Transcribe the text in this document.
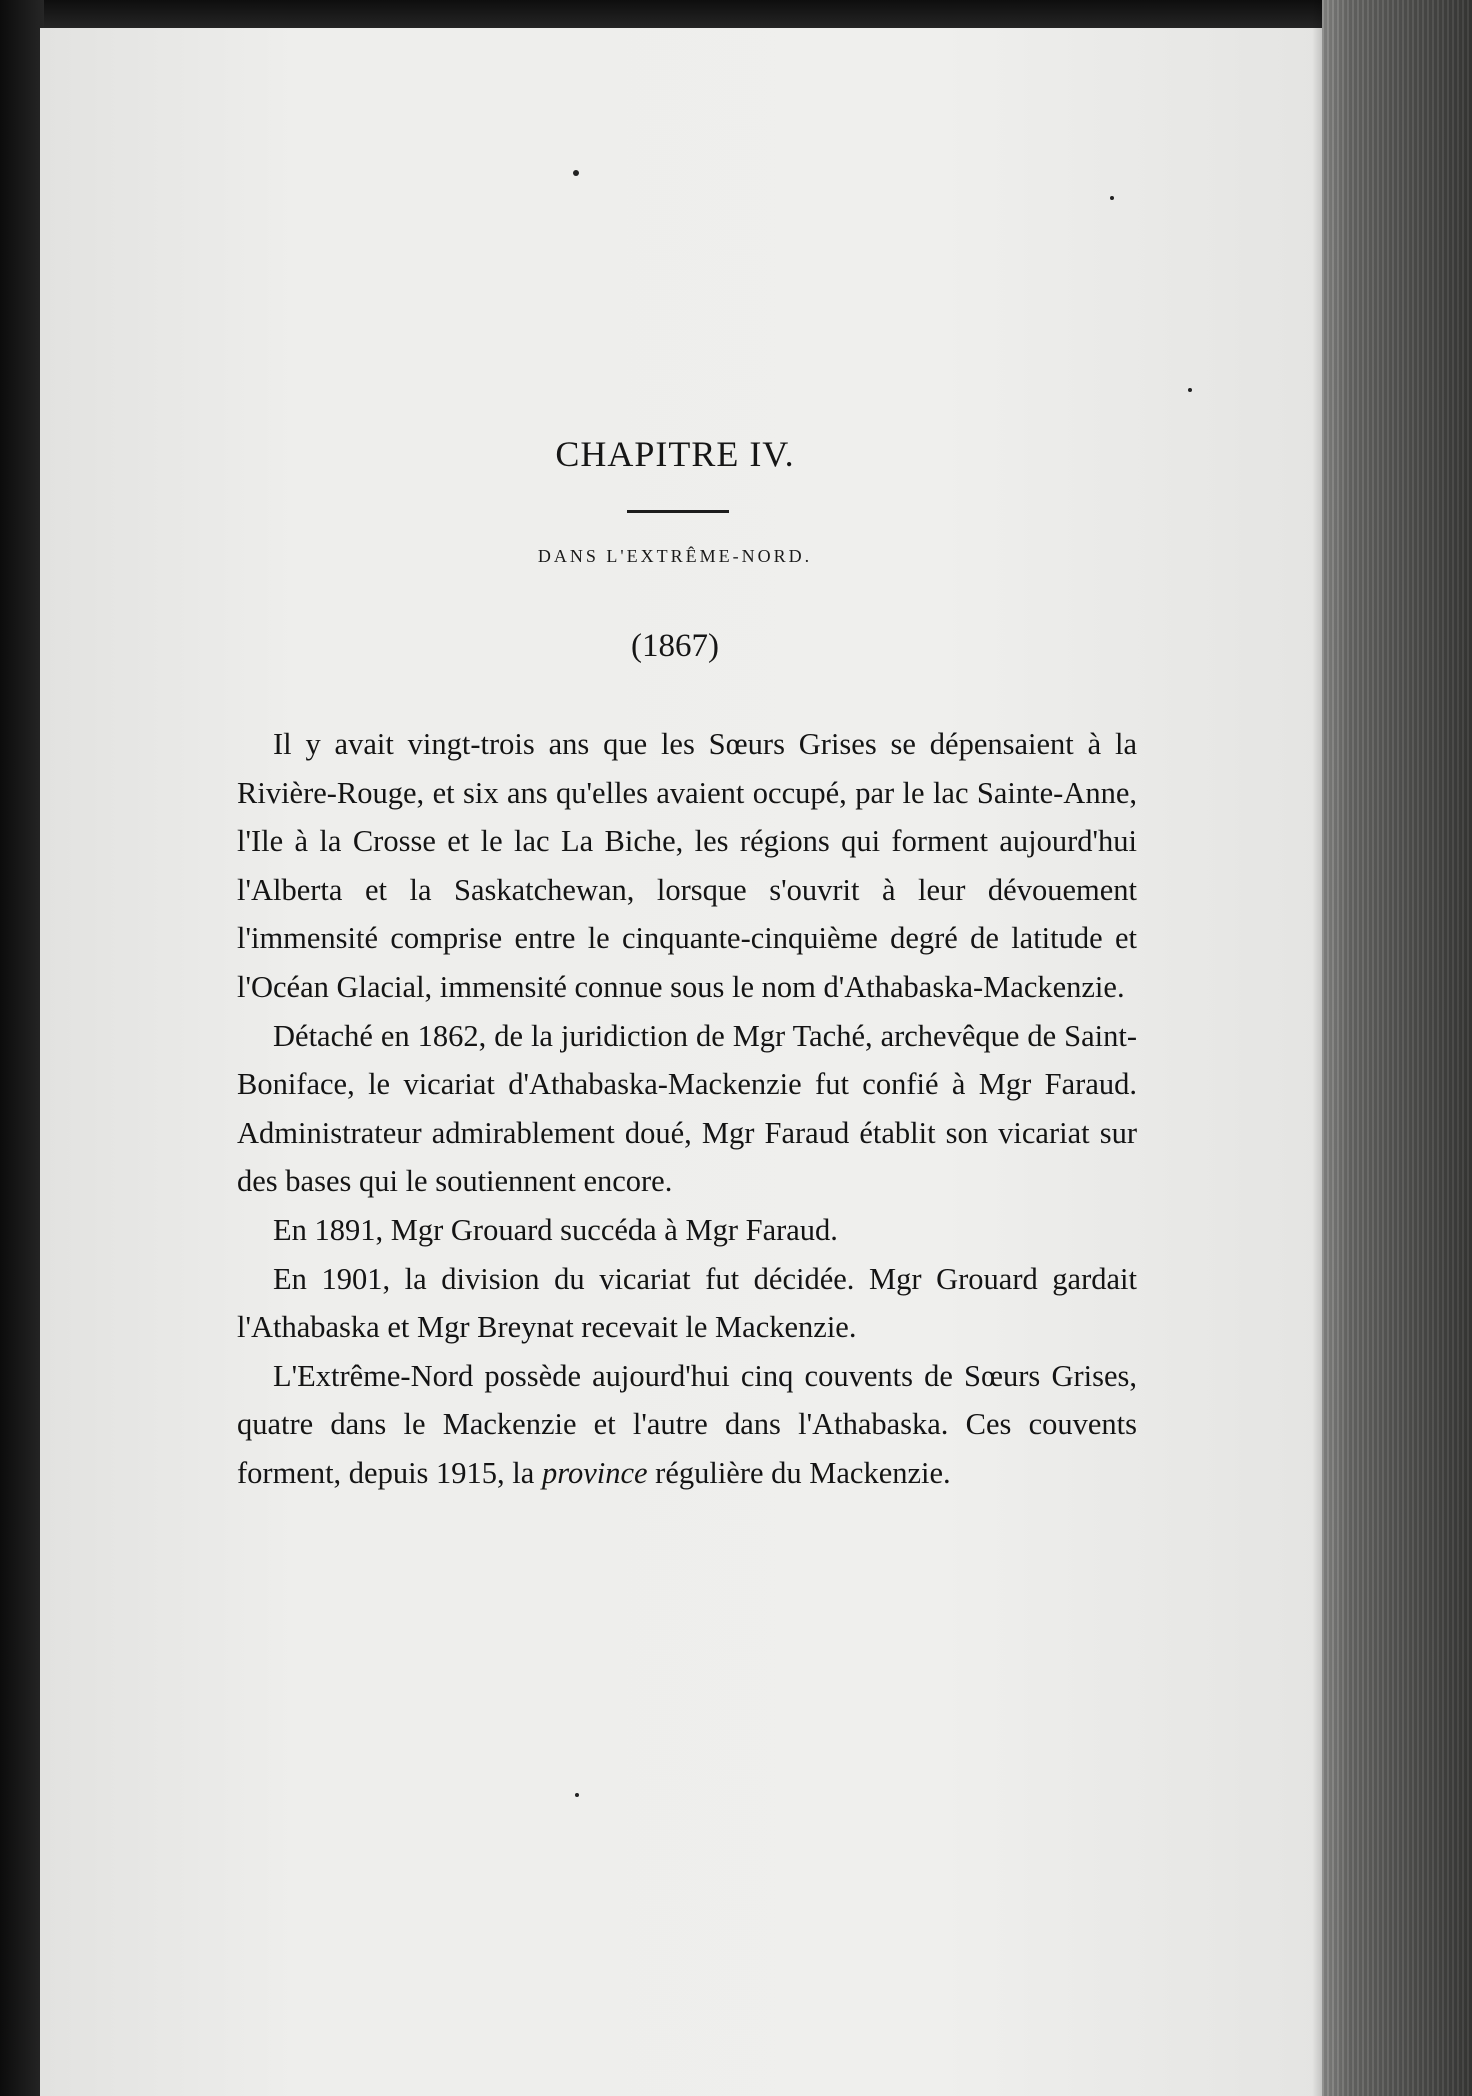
CHAPITRE IV.
DANS L'EXTRÊME-NORD.
(1867)

Il y avait vingt-trois ans que les Sœurs Grises se dépensaient à la Rivière-Rouge, et six ans qu'elles avaient occupé, par le lac Sainte-Anne, l'Ile à la Crosse et le lac La Biche, les régions qui forment aujourd'hui l'Alberta et la Saskatchewan, lorsque s'ouvrit à leur dévouement l'immensité comprise entre le cinquante-cinquième degré de latitude et l'Océan Glacial, immensité connue sous le nom d'Athabaska-Mackenzie.

Détaché en 1862, de la juridiction de Mgr Taché, archevêque de Saint-Boniface, le vicariat d'Athabaska-Mackenzie fut confié à Mgr Faraud. Administrateur admirablement doué, Mgr Faraud établit son vicariat sur des bases qui le soutiennent encore.

En 1891, Mgr Grouard succéda à Mgr Faraud.

En 1901, la division du vicariat fut décidée. Mgr Grouard gardait l'Athabaska et Mgr Breynat recevait le Mackenzie.

L'Extrême-Nord possède aujourd'hui cinq couvents de Sœurs Grises, quatre dans le Mackenzie et l'autre dans l'Athabaska. Ces couvents forment, depuis 1915, la province régulière du Mackenzie.
